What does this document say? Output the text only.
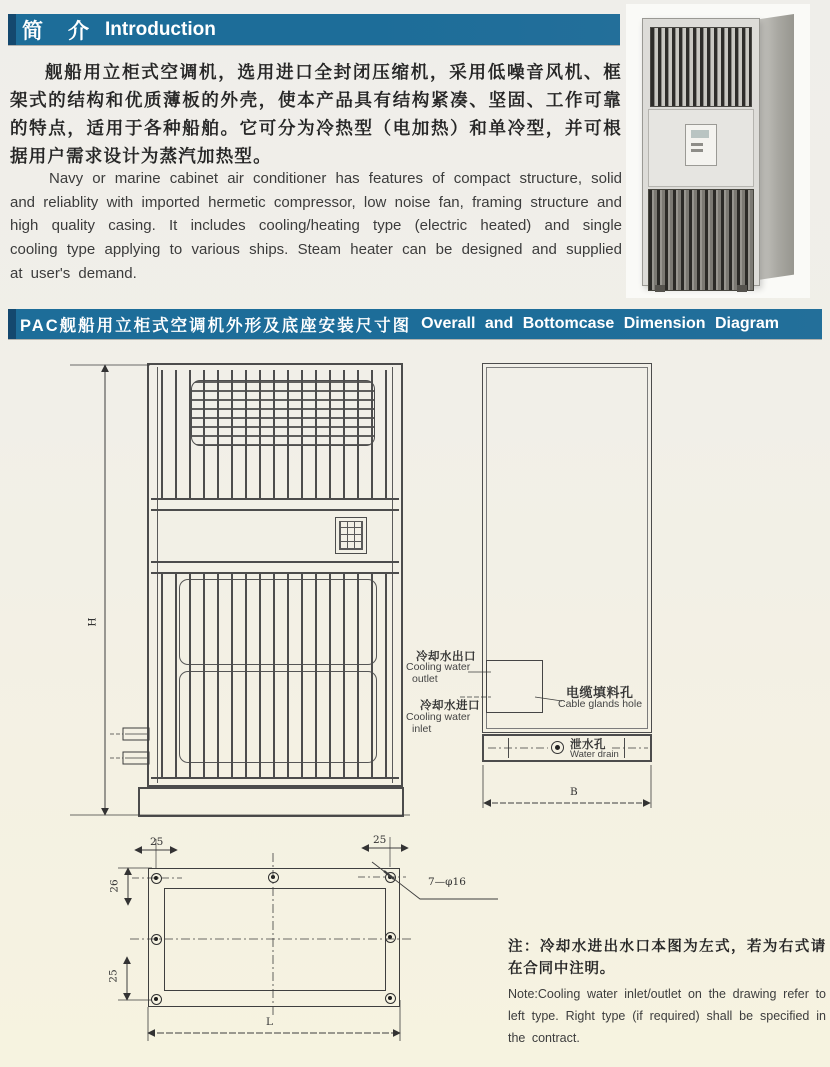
简　介 Introduction
舰船用立柜式空调机，选用进口全封闭压缩机，采用低噪音风机、框架式的结构和优质薄板的外壳，使本产品具有结构紧凑、坚固、工作可靠的特点，适用于各种船舶。它可分为冷热型（电加热）和单冷型，并可根据用户需求设计为蒸汽加热型。
Navy or marine cabinet air conditioner has features of compact structure, solid and reliablity with imported hermetic compressor, low noise fan, framing structure and high quality casing. It includes cooling/heating type (electric heated) and single cooling type applying to various ships. Steam heater can be designed and supplied at user's demand.
PAC舰船用立柜式空调机外形及底座安装尺寸图 Overall and Bottomcase Dimension Diagram
H
泄水孔
Water drain
B
冷却水出口
Cooling water
outlet
冷却水进口
Cooling water
inlet
电缆填料孔
Cable glands hole
25	25
26
25
7—φ16
L
注：冷却水进出水口本图为左式，若为右式请在合同中注明。
Note:Cooling water inlet/outlet on the drawing refer to left type. Right type (if required) shall be specified in the contract.
